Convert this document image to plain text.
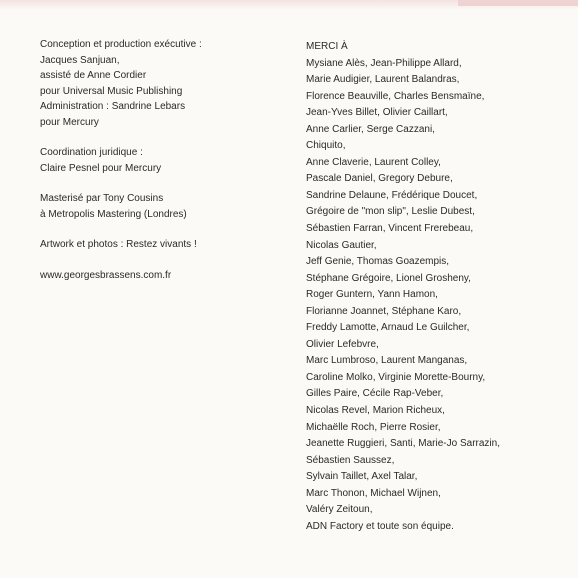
Conception et production exécutive :
Jacques Sanjuan,
assisté de Anne Cordier
pour Universal Music Publishing
Administration : Sandrine Lebars
pour Mercury
Coordination juridique :
Claire Pesnel pour Mercury
Masterisé par Tony Cousins
à Metropolis Mastering (Londres)
Artwork et photos : Restez vivants !
www.georgesbrassens.com.fr
MERCI À
Mysiane Alès, Jean-Philippe Allard,
Marie Audigier, Laurent Balandras,
Florence Beauville, Charles Bensmaïne,
Jean-Yves Billet, Olivier Caillart,
Anne Carlier, Serge Cazzani,
Chiquito,
Anne Claverie, Laurent Colley,
Pascale Daniel, Gregory Debure,
Sandrine Delaune, Frédérique Doucet,
Grégoire de "mon slip", Leslie Dubest,
Sébastien Farran, Vincent Frerebeau,
Nicolas Gautier,
Jeff Genie, Thomas Goazempis,
Stéphane Grégoire, Lionel Grosheny,
Roger Guntern, Yann Hamon,
Florianne Joannet, Stéphane Karo,
Freddy Lamotte, Arnaud Le Guilcher,
Olivier Lefebvre,
Marc Lumbroso, Laurent Manganas,
Caroline Molko, Virginie Morette-Bourny,
Gilles Paire, Cécile Rap-Veber,
Nicolas Revel, Marion Richeux,
Michaëlle Roch, Pierre Rosier,
Jeanette Ruggieri, Santi, Marie-Jo Sarrazin,
Sébastien Saussez,
Sylvain Taillet, Axel Talar,
Marc Thonon, Michael Wijnen,
Valéry Zeitoun,
ADN Factory et toute son équipe.
